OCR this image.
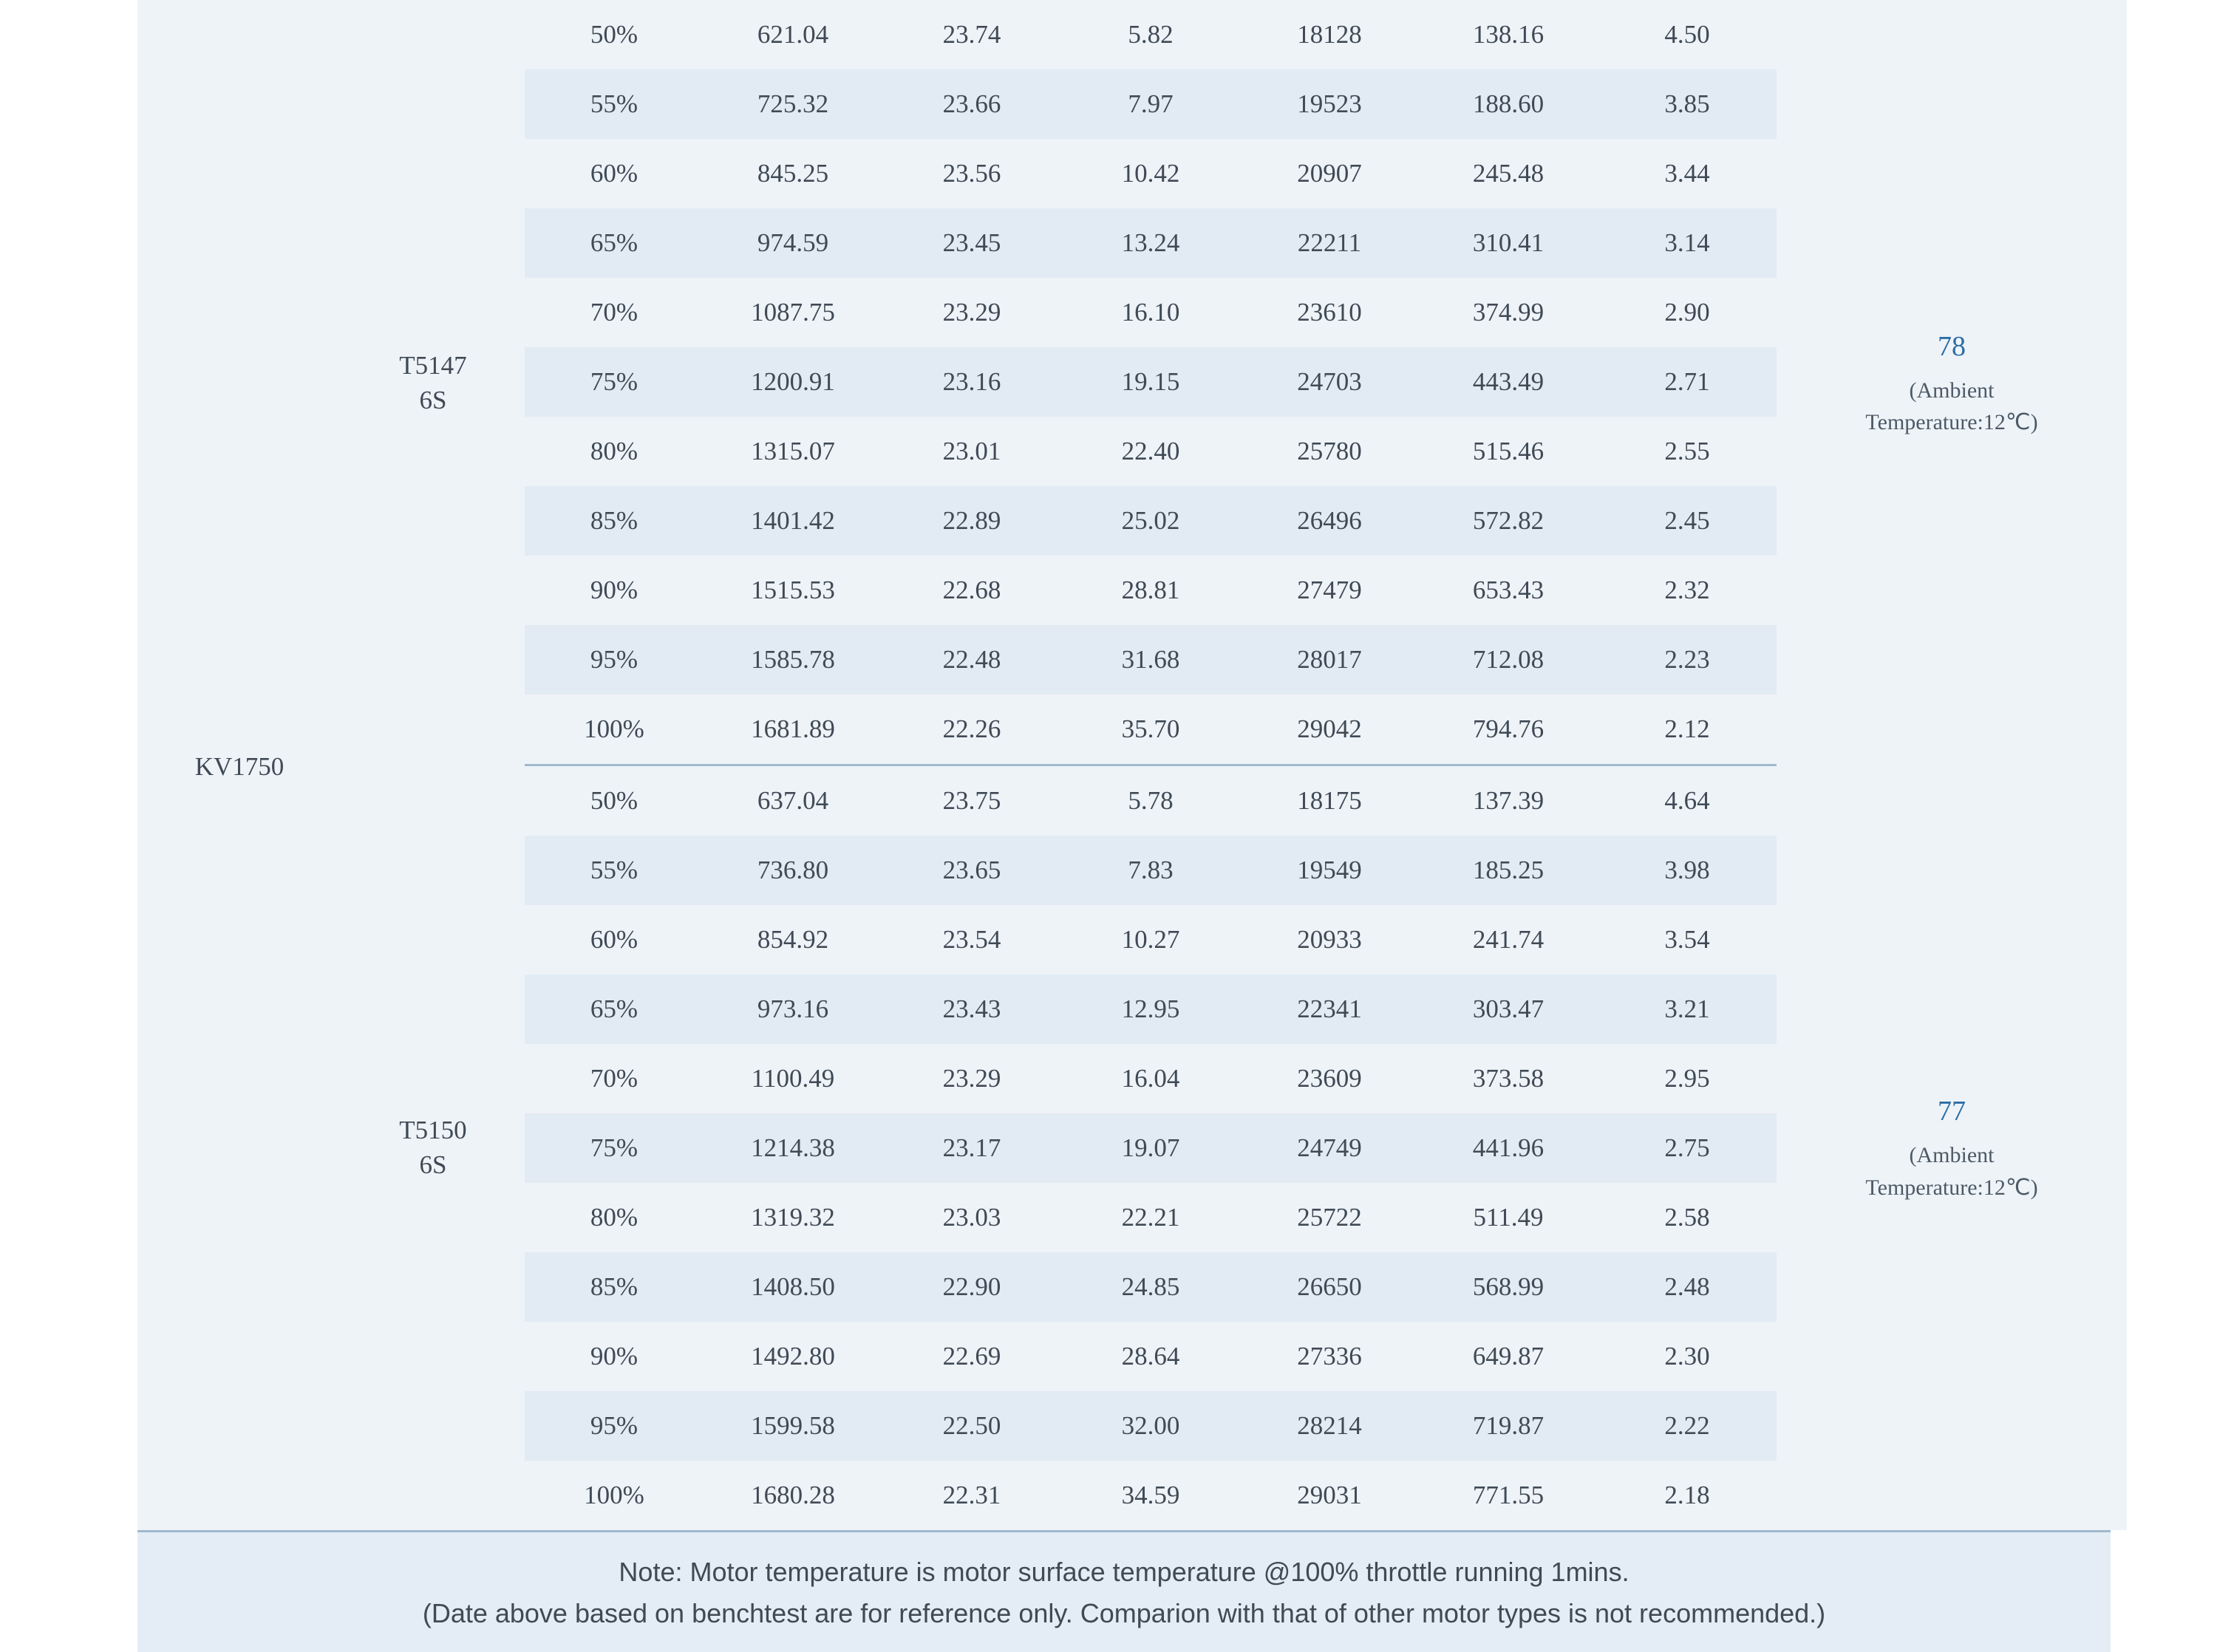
KV1750	T5147
6S	50%	621.04	23.74	5.82	18128	138.16	4.50	78
(Ambient
Temperature:12℃)

		55%	725.32	23.66	7.97	19523	188.60	3.85	
		60%	845.25	23.56	10.42	20907	245.48	3.44	
		65%	974.59	23.45	13.24	22211	310.41	3.14	
		70%	1087.75	23.29	16.10	23610	374.99	2.90	
		75%	1200.91	23.16	19.15	24703	443.49	2.71	
		80%	1315.07	23.01	22.40	25780	515.46	2.55	
		85%	1401.42	22.89	25.02	26496	572.82	2.45	
		90%	1515.53	22.68	28.81	27479	653.43	2.32	
		95%	1585.78	22.48	31.68	28017	712.08	2.23	
		100%	1681.89	22.26	35.70	29042	794.76	2.12	
	T5150
6S	50%	637.04	23.75	5.78	18175	137.39	4.64	77
(Ambient
Temperature:12℃)

		55%	736.80	23.65	7.83	19549	185.25	3.98	
		60%	854.92	23.54	10.27	20933	241.74	3.54	
		65%	973.16	23.43	12.95	22341	303.47	3.21	
		70%	1100.49	23.29	16.04	23609	373.58	2.95	
		75%	1214.38	23.17	19.07	24749	441.96	2.75	
		80%	1319.32	23.03	22.21	25722	511.49	2.58	
		85%	1408.50	22.90	24.85	26650	568.99	2.48	
		90%	1492.80	22.69	28.64	27336	649.87	2.30	
		95%	1599.58	22.50	32.00	28214	719.87	2.22	
		100%	1680.28	22.31	34.59	29031	771.55	2.18	
Note: Motor temperature is motor surface temperature @100% throttle running 1mins.
(Date above based on benchtest are for reference only. Comparion with that of other motor types is not recommended.)
